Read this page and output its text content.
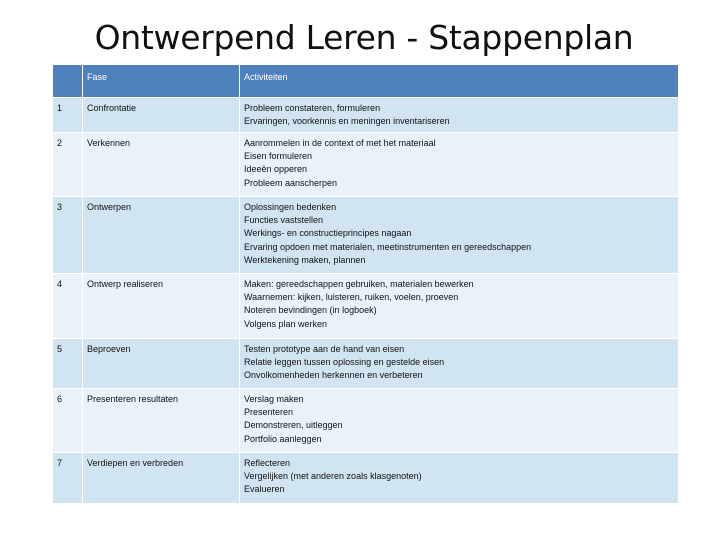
Ontwerpend Leren - Stappenplan
	Fase	Activiteiten
1	Confrontatie	Probleem constateren, formuleren
Ervaringen, voorkennis en meningen inventariseren

2	Verkennen	Aanrommelen in de context of met het materiaal
Eisen formuleren
Ideeën opperen
Probleem aanscherpen

3	Ontwerpen	Oplossingen bedenken
Functies vaststellen
Werkings- en constructieprincipes nagaan
Ervaring opdoen met materialen, meetinstrumenten en gereedschappen
Werktekening maken, plannen

4	Ontwerp realiseren	Maken: gereedschappen gebruiken, materialen bewerken
Waarnemen: kijken, luisteren, ruiken, voelen, proeven
Noteren bevindingen (in logboek)
Volgens plan werken

5	Beproeven	Testen prototype aan de hand van eisen
Relatie leggen tussen oplossing en gestelde eisen
Onvolkomenheden herkennen en verbeteren

6	Presenteren resultaten	Verslag maken
Presenteren
Demonstreren, uitleggen
Portfolio aanleggen

7	Verdiepen en verbreden	Reflecteren
Vergelijken (met anderen zoals klasgenoten)
Evalueren
